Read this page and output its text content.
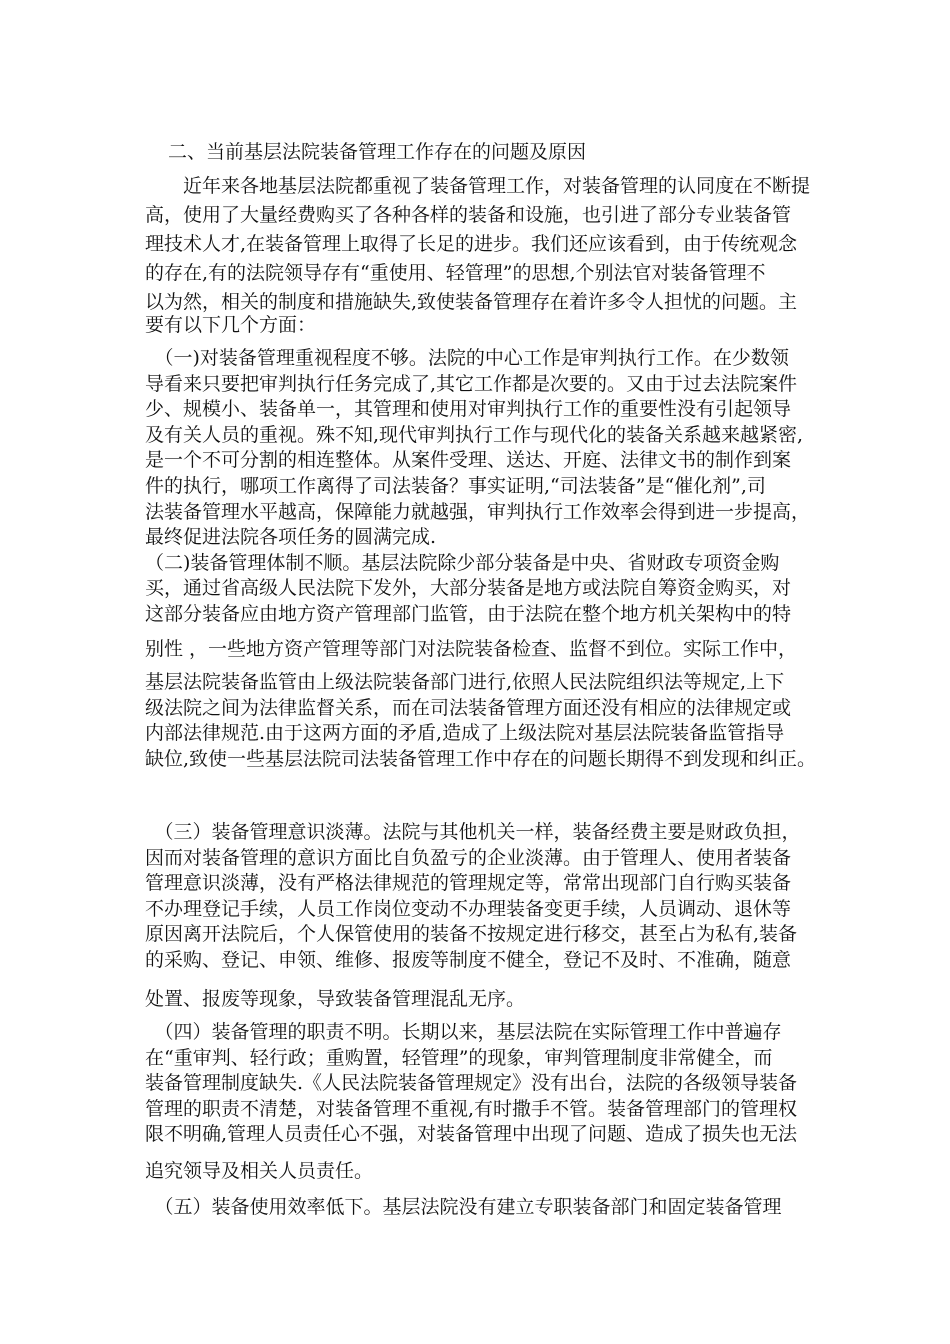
二、当前基层法院装备管理工作存在的问题及原因
　　近年来各地基层法院都重视了装备管理工作，对装备管理的认同度在不断提
高，使用了大量经费购买了各种各样的装备和设施，也引进了部分专业装备管
理技术人才,在装备管理上取得了长足的进步。我们还应该看到，由于传统观念
的存在,有的法院领导存有“重使用、轻管理”的思想,个别法官对装备管理不
以为然，相关的制度和措施缺失,致使装备管理存在着许多令人担忧的问题。主
要有以下几个方面：
　（一)对装备管理重视程度不够。法院的中心工作是审判执行工作。在少数领
导看来只要把审判执行任务完成了,其它工作都是次要的。又由于过去法院案件
少、规模小、装备单一，其管理和使用对审判执行工作的重要性没有引起领导
及有关人员的重视。殊不知,现代审判执行工作与现代化的装备关系越来越紧密,
是一个不可分割的相连整体。从案件受理、送达、开庭、法律文书的制作到案
件的执行，哪项工作离得了司法装备？事实证明,“司法装备”是“催化剂”,司
法装备管理水平越高，保障能力就越强，审判执行工作效率会得到进一步提高，
最终促进法院各项任务的圆满完成.
（二)装备管理体制不顺。基层法院除少部分装备是中央、省财政专项资金购
买，通过省高级人民法院下发外，大部分装备是地方或法院自筹资金购买，对
这部分装备应由地方资产管理部门监管，由于法院在整个地方机关架构中的特
别性 ，一些地方资产管理等部门对法院装备检查、监督不到位。实际工作中，
基层法院装备监管由上级法院装备部门进行,依照人民法院组织法等规定,上下
级法院之间为法律监督关系，而在司法装备管理方面还没有相应的法律规定或
内部法律规范.由于这两方面的矛盾,造成了上级法院对基层法院装备监管指导
缺位,致使一些基层法院司法装备管理工作中存在的问题长期得不到发现和纠正。
　（三）装备管理意识淡薄。法院与其他机关一样，装备经费主要是财政负担，
因而对装备管理的意识方面比自负盈亏的企业淡薄。由于管理人、使用者装备
管理意识淡薄，没有严格法律规范的管理规定等，常常出现部门自行购买装备
不办理登记手续，人员工作岗位变动不办理装备变更手续，人员调动、退休等
原因离开法院后，个人保管使用的装备不按规定进行移交，甚至占为私有,装备
的采购、登记、申领、维修、报废等制度不健全，登记不及时、不准确，随意
处置、报废等现象，导致装备管理混乱无序。
　（四）装备管理的职责不明。长期以来，基层法院在实际管理工作中普遍存
在“重审判、轻行政；重购置，轻管理”的现象，审判管理制度非常健全，而
装备管理制度缺失.《人民法院装备管理规定》没有出台，法院的各级领导装备
管理的职责不清楚，对装备管理不重视,有时撒手不管。装备管理部门的管理权
限不明确,管理人员责任心不强，对装备管理中出现了问题、造成了损失也无法
追究领导及相关人员责任。
　（五）装备使用效率低下。基层法院没有建立专职装备部门和固定装备管理
